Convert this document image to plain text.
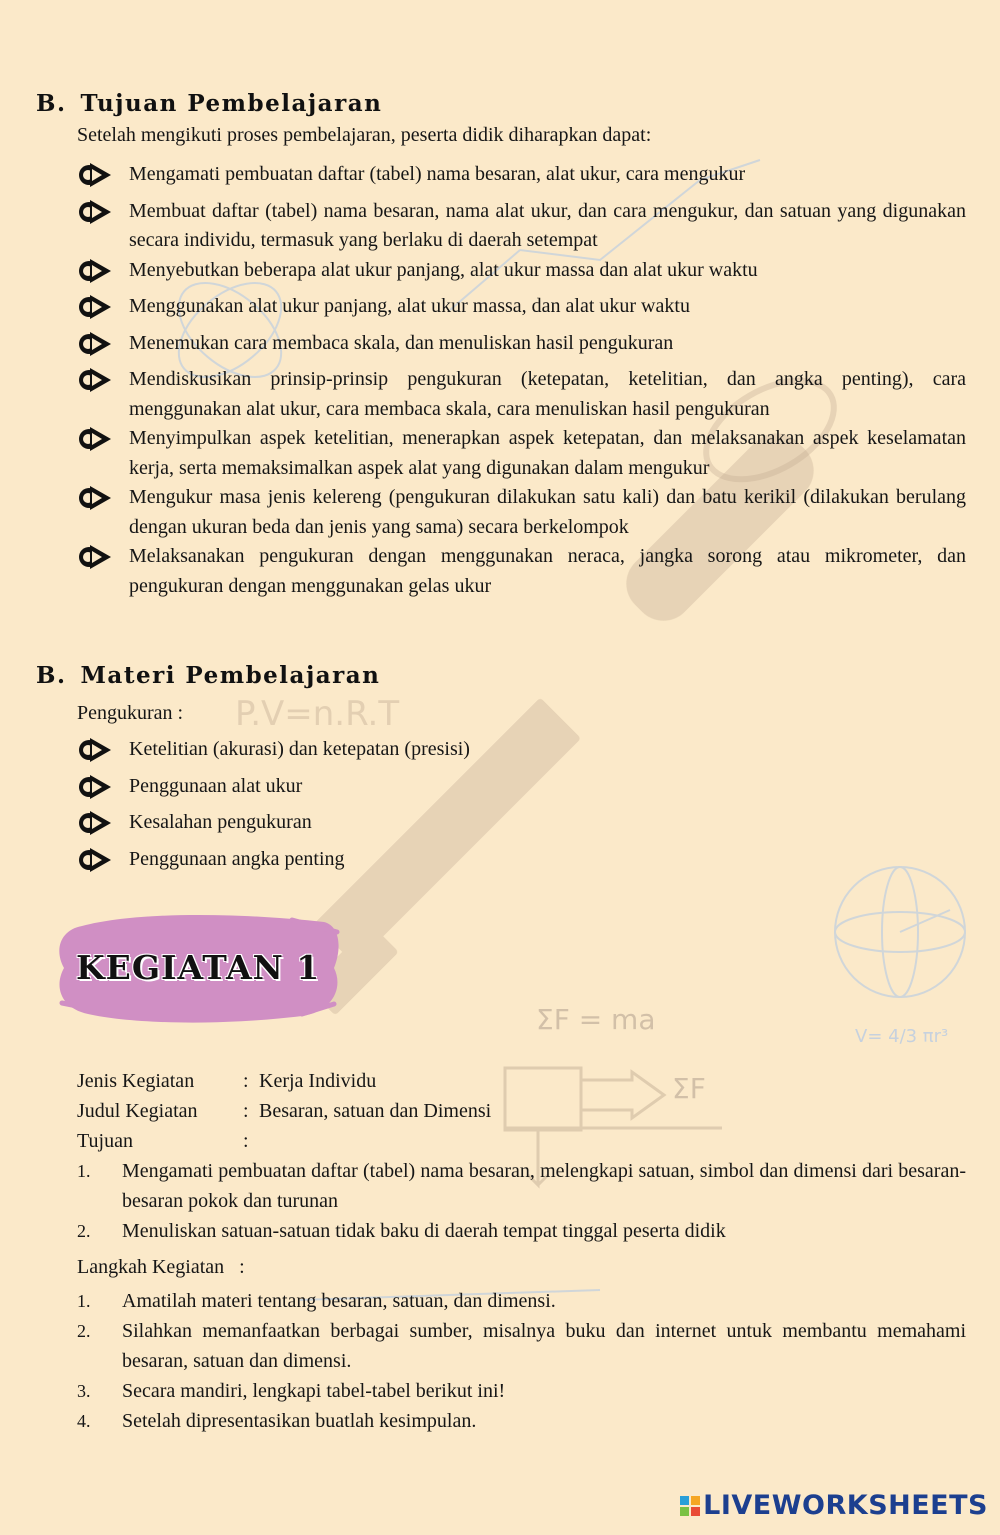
P.V=n.R.T
ΣF = ma
ΣF
V= 4/3 πr³
B. Tujuan Pembelajaran
Setelah mengikuti proses pembelajaran, peserta didik diharapkan dapat:
Mengamati pembuatan daftar (tabel) nama besaran, alat ukur, cara mengukur
Membuat daftar (tabel) nama besaran, nama alat ukur, dan cara mengukur, dan satuan yang digunakan secara individu, termasuk yang berlaku di daerah setempat
Menyebutkan beberapa alat ukur panjang, alat ukur massa dan alat ukur waktu
Menggunakan alat ukur panjang, alat ukur massa, dan alat ukur waktu
Menemukan cara membaca skala, dan menuliskan hasil pengukuran
Mendiskusikan prinsip-prinsip pengukuran (ketepatan, ketelitian, dan angka penting), cara menggunakan alat ukur, cara membaca skala, cara menuliskan hasil pengukuran
Menyimpulkan aspek ketelitian, menerapkan aspek ketepatan, dan melaksanakan aspek keselamatan kerja, serta memaksimalkan aspek alat yang digunakan dalam mengukur
Mengukur masa jenis kelereng (pengukuran dilakukan satu kali) dan batu kerikil (dilakukan berulang dengan ukuran beda dan jenis yang sama) secara berkelompok
Melaksanakan pengukuran dengan menggunakan neraca, jangka sorong atau mikrometer, dan pengukuran dengan menggunakan gelas ukur
B. Materi Pembelajaran
Pengukuran :
Ketelitian (akurasi) dan ketepatan (presisi)
Penggunaan alat ukur
Kesalahan pengukuran
Penggunaan angka penting
KEGIATAN 1
Jenis Kegiatan	: Kerja Individu
Judul Kegiatan	: Besaran, satuan dan Dimensi
Tujuan	:
1. Mengamati pembuatan daftar (tabel) nama besaran, melengkapi satuan, simbol dan dimensi dari besaran-besaran pokok dan turunan
2. Menuliskan satuan-satuan tidak baku di daerah tempat tinggal peserta didik
Langkah Kegiatan   :
1. Amatilah materi tentang besaran, satuan, dan dimensi.
2. Silahkan memanfaatkan berbagai sumber, misalnya buku dan internet untuk membantu memahami besaran, satuan dan dimensi.
3. Secara mandiri, lengkapi tabel-tabel berikut ini!
4. Setelah dipresentasikan buatlah kesimpulan.
LIVEWORKSHEETS
